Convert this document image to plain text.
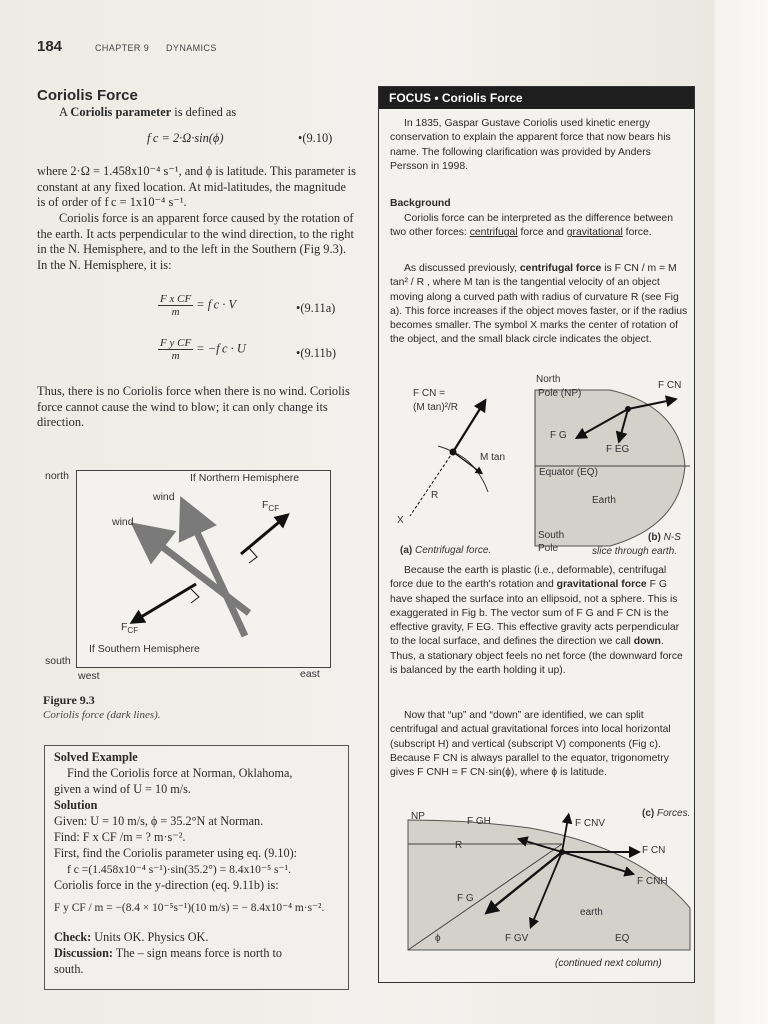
184	CHAPTER 9 DYNAMICS
Coriolis Force

A Coriolis parameter is defined as

f c = 2·Ω·sin(ϕ)	•(9.10)

where 2·Ω = 1.458x10⁻⁴ s⁻¹, and ϕ is latitude. This parameter is constant at any fixed location. At mid-latitudes, the magnitude is of order of f c = 1x10⁻⁴ s⁻¹.

Coriolis force is an apparent force caused by the rotation of the earth. It acts perpendicular to the wind direction, to the right in the N. Hemisphere, and to the left in the Southern (Fig 9.3). In the N. Hemisphere, it is:

$\frac{\text{F x CF}}{m} = f$ c · V	•(9.11a)
$\frac{\text{F y CF}}{m} = -f$ c · U	•(9.11b)

Thus, there is no Coriolis force when there is no wind. Coriolis force cannot cause the wind to blow; it can only change its direction.

north
south
west	east
If Northern Hemisphere
wind
wind
$F_{CF}$
$F_{CF}$
If Southern Hemisphere
Figure 9.3
Coriolis force (dark lines).
Solved Example
Find the Coriolis force at Norman, Oklahoma,
given a wind of U = 10 m/s.
Solution
Given: U = 10 m/s, ϕ = 35.2°N at Norman.
Find: F x CF /m = ? m·s⁻².
First, find the Coriolis parameter using eq. (9.10):
f c =(1.458x10⁻⁴ s⁻¹)·sin(35.2°) = 8.4x10⁻⁵ s⁻¹.
Coriolis force in the y-direction (eq. 9.11b) is:
F y CF / m = −(8.4 × 10⁻⁵s⁻¹)(10 m/s) = − 8.4x10⁻⁴ m·s⁻².
Check: Units OK. Physics OK.
Discussion: The – sign means force is north to
south.
FOCUS • Coriolis Force

In 1835, Gaspar Gustave Coriolis used kinetic energy conservation to explain the apparent force that now bears his name. The following clarification was provided by Anders Persson in 1998.

Background

Coriolis force can be interpreted as the difference between two other forces: centrifugal force and gravitational force.

As discussed previously, centrifugal force is F CN / m = M tan² / R , where M tan is the tangential velocity of an object moving along a curved path with radius of curvature R (see Fig a). This force increases if the object moves faster, or if the radius becomes smaller. The symbol X marks the center of rotation of the object, and the small black circle indicates the object.

F CN =
(M tan)²/R
M tan
R
X
(a) Centrifugal force.
North
Pole (NP)
F CN
F G
F EG
Equator (EQ)
Earth
South
Pole
(b) N-S
slice through earth.

Because the earth is plastic (i.e., deformable), centrifugal force due to the earth's rotation and gravitational force F G have shaped the surface into an ellipsoid, not a sphere. This is exaggerated in Fig b. The vector sum of F G and F CN is the effective gravity, F EG. This effective gravity acts perpendicular to the local surface, and defines the direction we call down. Thus, a stationary object feels no net force (the downward force is balanced by the earth holding it up).

Now that “up” and “down” are identified, we can split centrifugal and actual gravitational forces into local horizontal (subscript H) and vertical (subscript V) components (Fig c). Because F CN is always parallel to the equator, trigonometry gives F CNH = F CN·sin(ϕ), where ϕ is latitude.

NP	F GH	F CNV
(c) Forces.
R	F CN
F CNH
F G
earth
ϕ	F GV	EQ
(continued next column)
